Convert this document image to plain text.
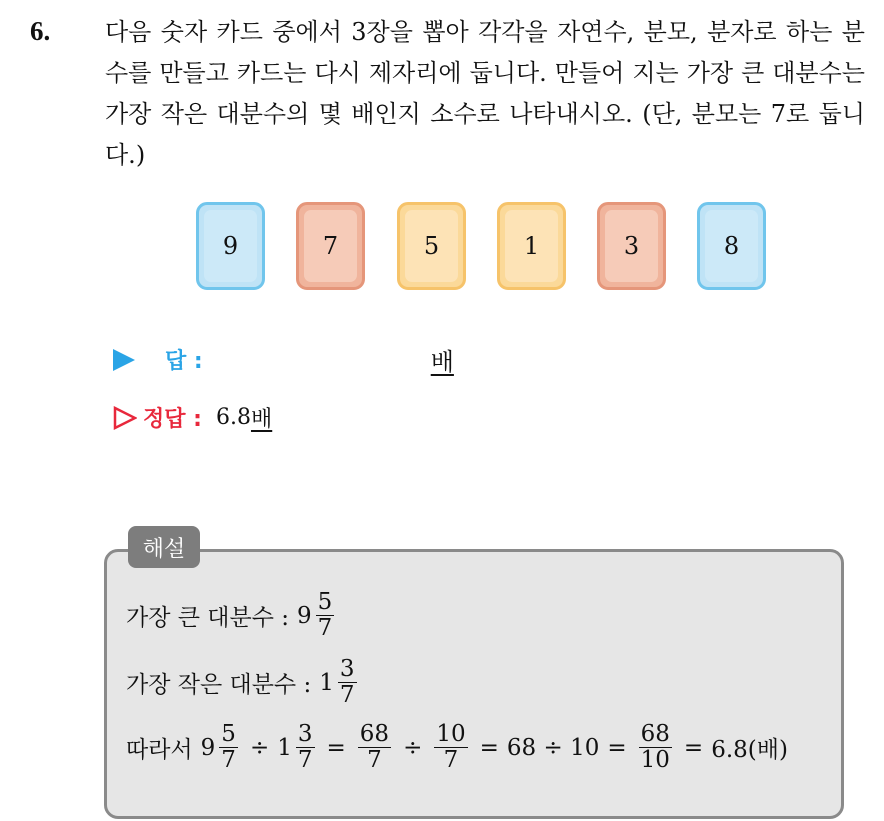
6. 다음 숫자 카드 중에서 3장을 뽑아 각각을 자연수, 분모, 분자로 하는 분수를 만들고 카드는 다시 제자리에 둡니다. 만들어 지는 가장 큰 대분수는 가장 작은 대분수의 몇 배인지 소수로 나타내시오. (단, 분모는 7로 둡니다.)
9	7	5	1	3	8
답 :	배
정답 : 6.8 배
해설
가장 큰 대분수 : $9 \frac{5}{7}$
가장 작은 대분수 : $1 \frac{3}{7}$
따라서 $9 \frac{5}{7} \div 1 \frac{3}{7} = \frac{68}{7} \div \frac{10}{7} = 68 \div 10 = \frac{68}{10} = 6.8$(배)
